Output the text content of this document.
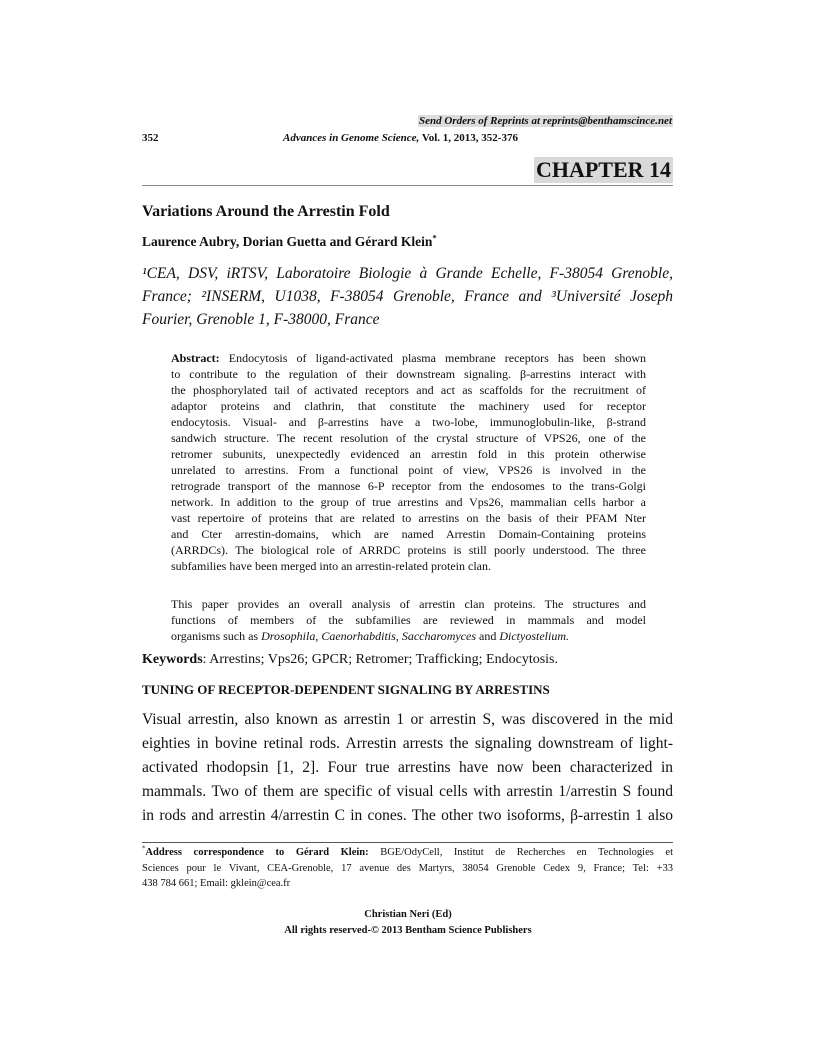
Send Orders of Reprints at reprints@benthamscince.net
352	Advances in Genome Science, Vol. 1, 2013, 352-376
CHAPTER 14
Variations Around the Arrestin Fold
Laurence Aubry, Dorian Guetta and Gérard Klein*
¹CEA, DSV, iRTSV, Laboratoire Biologie à Grande Echelle, F-38054 Grenoble,
France; ²INSERM, U1038, F-38054 Grenoble, France and ³Université Joseph
Fourier, Grenoble 1, F-38000, France
Abstract: Endocytosis of ligand-activated plasma membrane receptors has been shown
to contribute to the regulation of their downstream signaling. β-arrestins interact with
the phosphorylated tail of activated receptors and act as scaffolds for the recruitment of
adaptor proteins and clathrin, that constitute the machinery used for receptor
endocytosis. Visual- and β-arrestins have a two-lobe, immunoglobulin-like, β-strand
sandwich structure. The recent resolution of the crystal structure of VPS26, one of the
retromer subunits, unexpectedly evidenced an arrestin fold in this protein otherwise
unrelated to arrestins. From a functional point of view, VPS26 is involved in the
retrograde transport of the mannose 6-P receptor from the endosomes to the trans-Golgi
network. In addition to the group of true arrestins and Vps26, mammalian cells harbor a
vast repertoire of proteins that are related to arrestins on the basis of their PFAM Nter
and Cter arrestin-domains, which are named Arrestin Domain-Containing proteins
(ARRDCs). The biological role of ARRDC proteins is still poorly understood. The three
subfamilies have been merged into an arrestin-related protein clan.
This paper provides an overall analysis of arrestin clan proteins. The structures and
functions of members of the subfamilies are reviewed in mammals and model
organisms such as Drosophila, Caenorhabditis, Saccharomyces and Dictyostelium.
Keywords: Arrestins; Vps26; GPCR; Retromer; Trafficking; Endocytosis.
TUNING OF RECEPTOR-DEPENDENT SIGNALING BY ARRESTINS
Visual arrestin, also known as arrestin 1 or arrestin S, was discovered in the mid
eighties in bovine retinal rods. Arrestin arrests the signaling downstream of light-
activated rhodopsin [1, 2]. Four true arrestins have now been characterized in
mammals. Two of them are specific of visual cells with arrestin 1/arrestin S found
in rods and arrestin 4/arrestin C in cones. The other two isoforms, β-arrestin 1 also
*Address correspondence to Gérard Klein: BGE/OdyCell, Institut de Recherches en Technologies et
Sciences pour le Vivant, CEA-Grenoble, 17 avenue des Martyrs, 38054 Grenoble Cedex 9, France; Tel: +33
438 784 661; Email: gklein@cea.fr
Christian Neri (Ed)
All rights reserved-© 2013 Bentham Science Publishers
